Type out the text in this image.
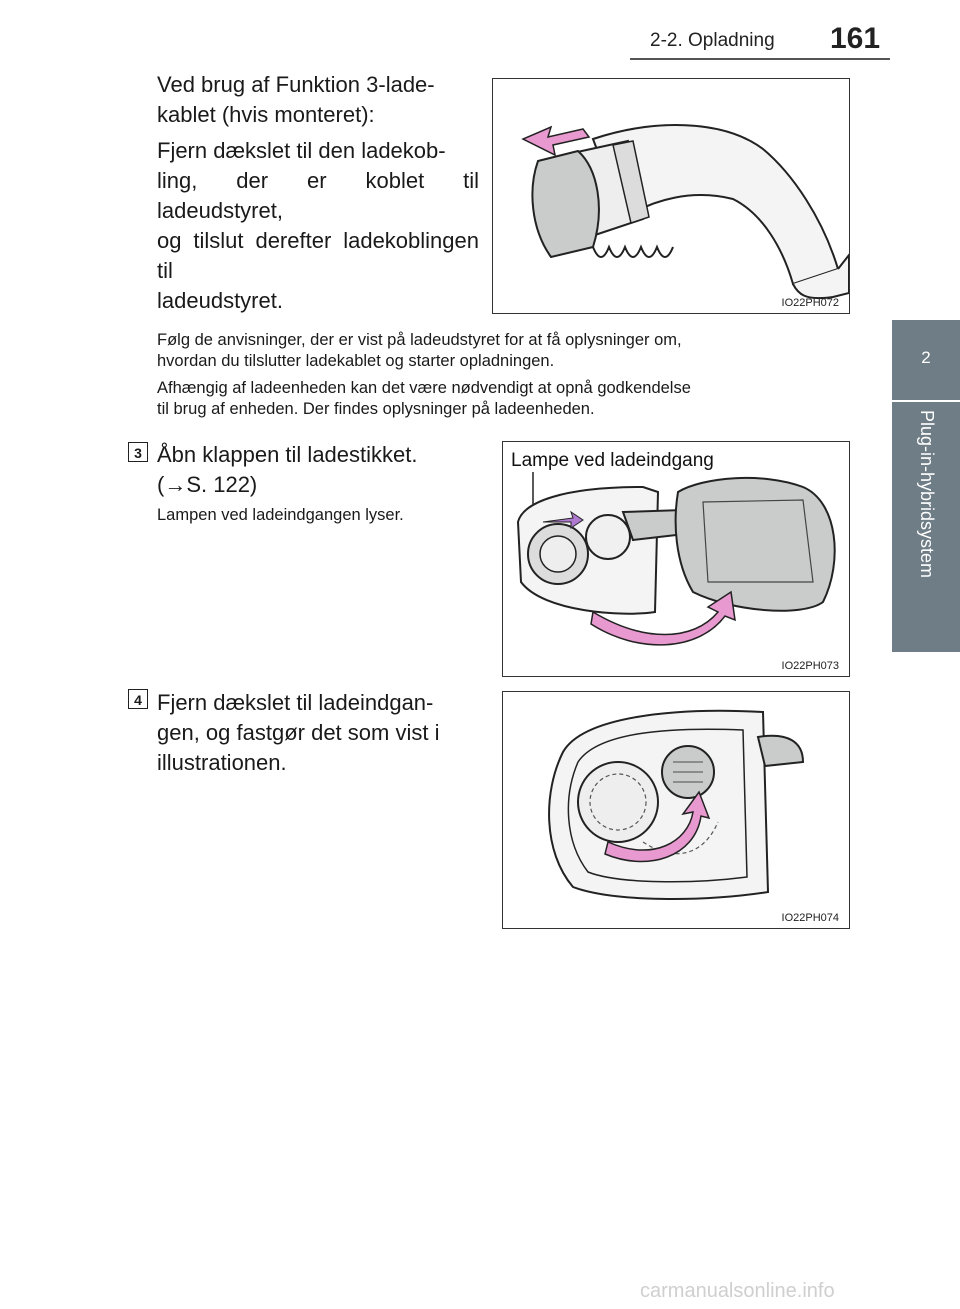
2-2. Opladning 161
2
Plug-in-hybridsystem
Ved brug af Funktion 3-lade-
kablet (hvis monteret):
Fjern dækslet til den ladekob-
ling, der er koblet til ladeudstyret,
og tilslut derefter ladekoblingen til
ladeudstyret.	IO22PH072
Følg de anvisninger, der er vist på ladeudstyret for at få oplysninger om,
hvordan du tilslutter ladekablet og starter opladningen.
Afhængig af ladeenheden kan det være nødvendigt at opnå godkendelse
til brug af enheden. Der findes oplysninger på ladeenheden.
3 Åbn klappen til ladestikket.
(→S. 122)
Lampen ved ladeindgangen lyser.
Lampe ved ladeindgang
IO22PH073
4 Fjern dækslet til ladeindgan-
gen, og fastgør det som vist i
illustrationen.
IO22PH074
carmanualsonline.info
